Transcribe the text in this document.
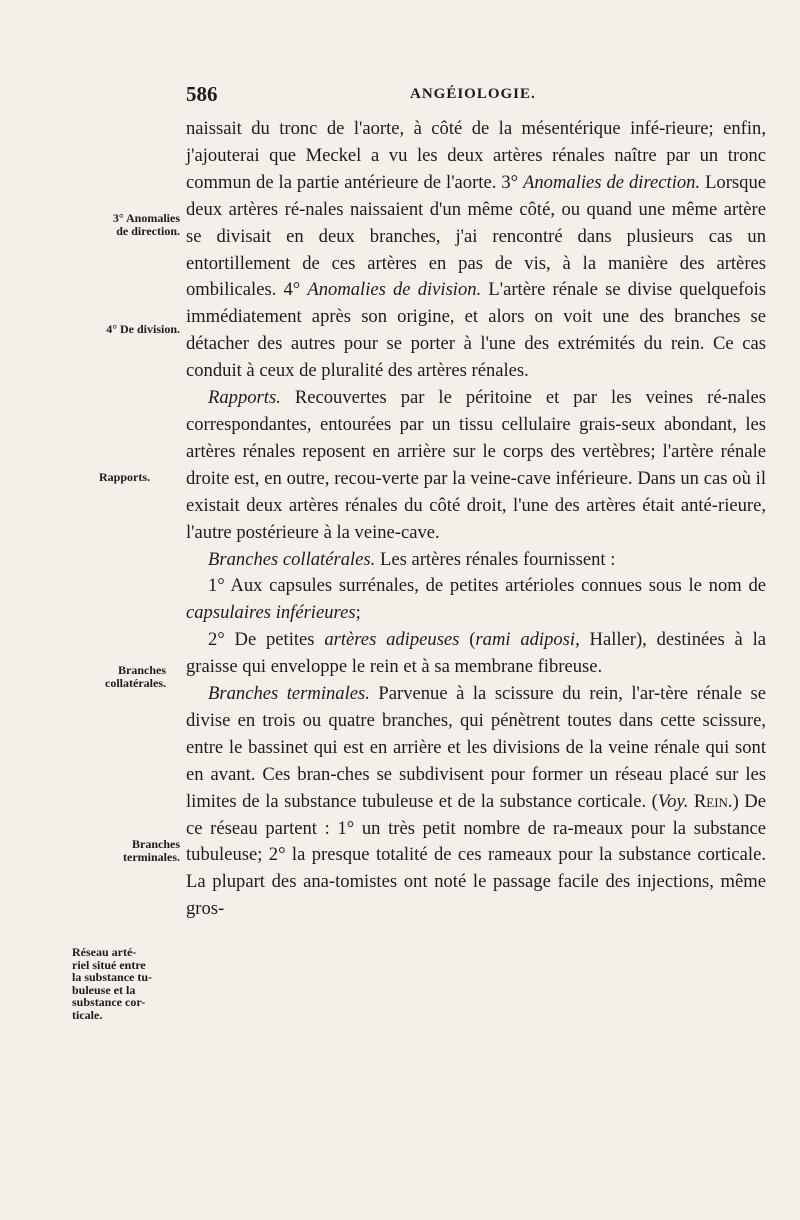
586	ANGÉIOLOGIE.
3° Anomalies
de direction.
4° De division.
Rapports.
Branches
collatérales.
Branches
terminales.
Réseau arté-
riel situé entre
la substance tu-
buleuse et la
substance cor-
ticale.

naissait du tronc de l'aorte, à côté de la mésentérique infé-rieure; enfin, j'ajouterai que Meckel a vu les deux artères rénales naître par un tronc commun de la partie antérieure de l'aorte. 3° Anomalies de direction. Lorsque deux artères ré-nales naissaient d'un même côté, ou quand une même artère se divisait en deux branches, j'ai rencontré dans plusieurs cas un entortillement de ces artères en pas de vis, à la manière des artères ombilicales. 4° Anomalies de division. L'artère rénale se divise quelquefois immédiatement après son origine, et alors on voit une des branches se détacher des autres pour se porter à l'une des extrémités du rein. Ce cas conduit à ceux de pluralité des artères rénales.

Rapports. Recouvertes par le péritoine et par les veines ré-nales correspondantes, entourées par un tissu cellulaire grais-seux abondant, les artères rénales reposent en arrière sur le corps des vertèbres; l'artère rénale droite est, en outre, recou-verte par la veine-cave inférieure. Dans un cas où il existait deux artères rénales du côté droit, l'une des artères était anté-rieure, l'autre postérieure à la veine-cave.

Branches collatérales. Les artères rénales fournissent :

1° Aux capsules surrénales, de petites artérioles connues sous le nom de capsulaires inférieures;

2° De petites artères adipeuses (rami adiposi, Haller), destinées à la graisse qui enveloppe le rein et à sa membrane fibreuse.

Branches terminales. Parvenue à la scissure du rein, l'ar-tère rénale se divise en trois ou quatre branches, qui pénètrent toutes dans cette scissure, entre le bassinet qui est en arrière et les divisions de la veine rénale qui sont en avant. Ces bran-ches se subdivisent pour former un réseau placé sur les limites de la substance tubuleuse et de la substance corticale. (Voy. Rein.) De ce réseau partent : 1° un très petit nombre de ra-meaux pour la substance tubuleuse; 2° la presque totalité de ces rameaux pour la substance corticale. La plupart des ana-tomistes ont noté le passage facile des injections, même gros-
